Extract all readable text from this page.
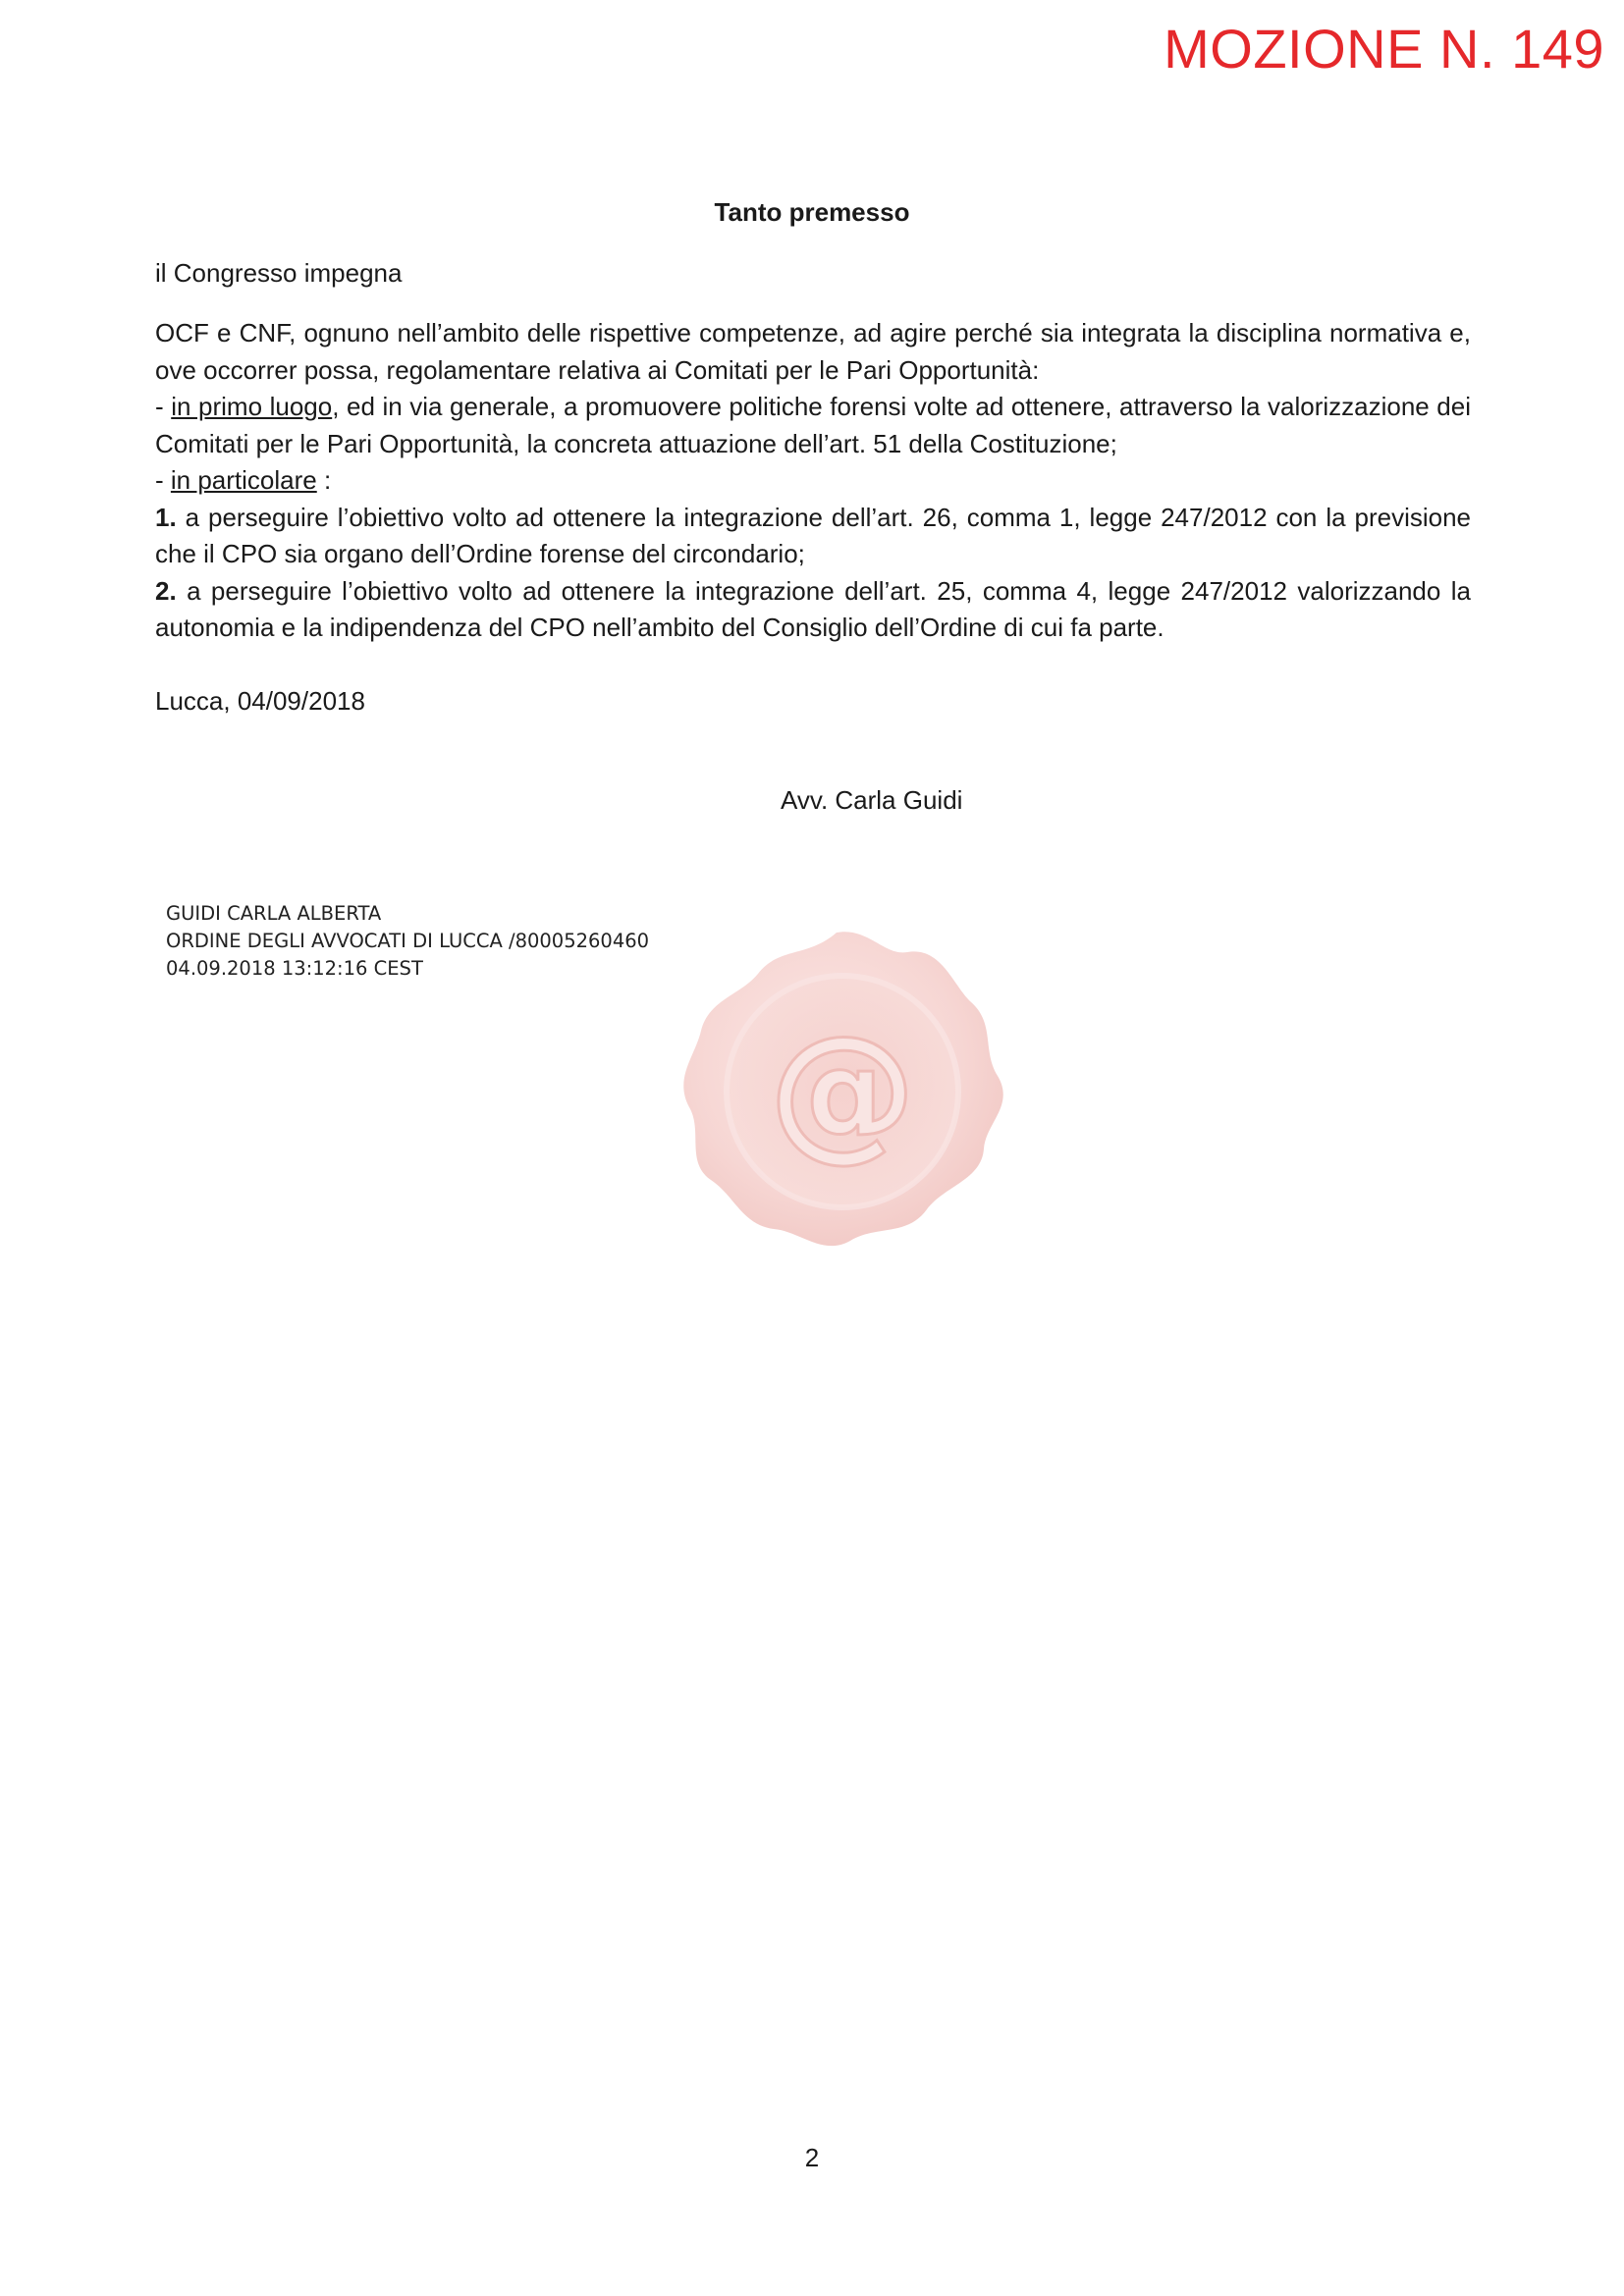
MOZIONE N. 149
Tanto premesso
il Congresso impegna

OCF e CNF, ognuno nell’ambito delle rispettive competenze, ad agire perché sia integrata la disciplina normativa e, ove occorrer possa, regolamentare relativa ai Comitati per le Pari Opportunità:

- in primo luogo, ed in via generale, a promuovere politiche forensi volte ad ottenere, attraverso la valorizzazione dei Comitati per le Pari Opportunità, la concreta attuazione dell’art. 51 della Costituzione;

- in particolare :

1. a perseguire l’obiettivo volto ad ottenere la integrazione dell’art. 26, comma 1, legge 247/2012 con la previsione che il CPO sia organo dell’Ordine forense del circondario;

2. a perseguire l’obiettivo volto ad ottenere la integrazione dell’art. 25, comma 4, legge 247/2012 valorizzando la autonomia e la indipendenza del CPO nell’ambito del Consiglio dell’Ordine di cui fa parte.

Lucca, 04/09/2018
Avv. Carla Guidi
@
GUIDI CARLA ALBERTA
ORDINE DEGLI AVVOCATI DI LUCCA /80005260460
04.09.2018 13:12:16 CEST
2
